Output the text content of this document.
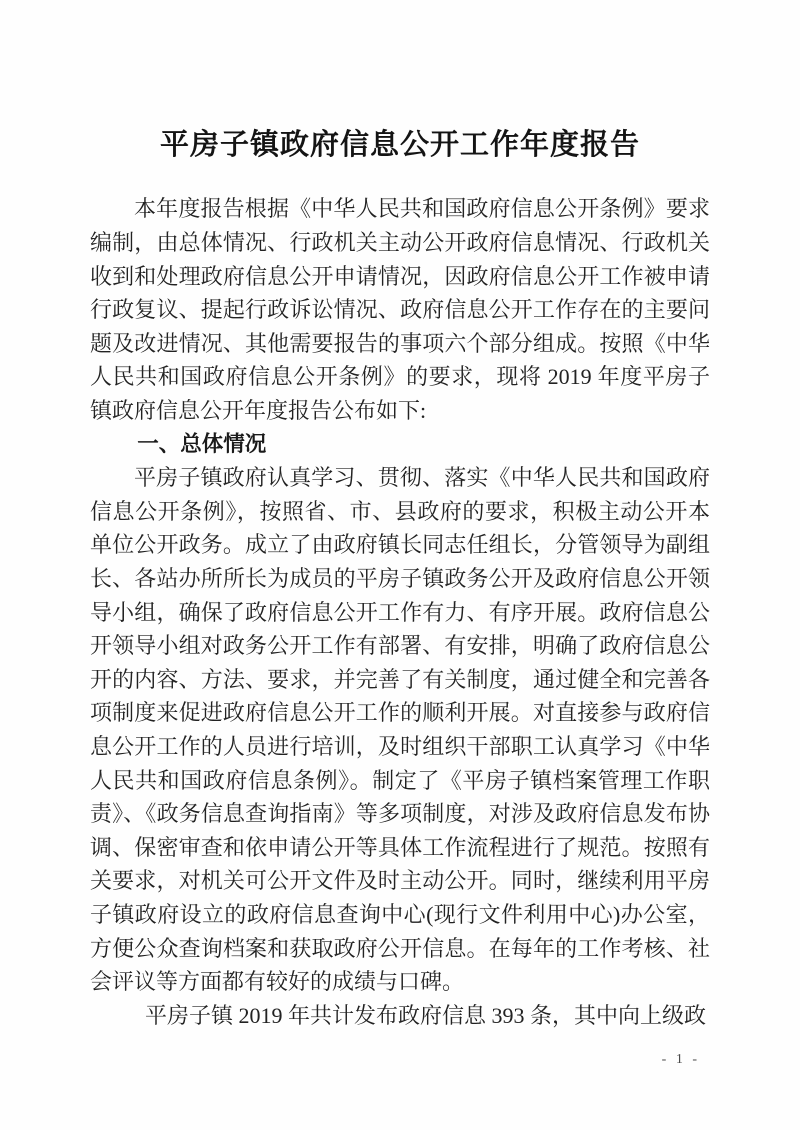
平房子镇政府信息公开工作年度报告

本年度报告根据《中华人民共和国政府信息公开条例》要求编制，由总体情况、行政机关主动公开政府信息情况、行政机关收到和处理政府信息公开申请情况，因政府信息公开工作被申请行政复议、提起行政诉讼情况、政府信息公开工作存在的主要问题及改进情况、其他需要报告的事项六个部分组成。按照《中华人民共和国政府信息公开条例》的要求，现将 2019 年度平房子镇政府信息公开年度报告公布如下:

一、总体情况

平房子镇政府认真学习、贯彻、落实《中华人民共和国政府信息公开条例》，按照省、市、县政府的要求，积极主动公开本单位公开政务。成立了由政府镇长同志任组长，分管领导为副组长、各站办所所长为成员的平房子镇政务公开及政府信息公开领导小组，确保了政府信息公开工作有力、有序开展。政府信息公开领导小组对政务公开工作有部署、有安排，明确了政府信息公开的内容、方法、要求，并完善了有关制度，通过健全和完善各项制度来促进政府信息公开工作的顺利开展。对直接参与政府信息公开工作的人员进行培训，及时组织干部职工认真学习《中华人民共和国政府信息条例》。制定了《平房子镇档案管理工作职责》、《政务信息查询指南》等多项制度，对涉及政府信息发布协调、保密审查和依申请公开等具体工作流程进行了规范。按照有关要求，对机关可公开文件及时主动公开。同时，继续利用平房子镇政府设立的政府信息查询中心(现行文件利用中心)办公室，方便公众查询档案和获取政府公开信息。在每年的工作考核、社会评议等方面都有较好的成绩与口碑。

平房子镇 2019 年共计发布政府信息 393 条，其中向上级政

- 1 -
